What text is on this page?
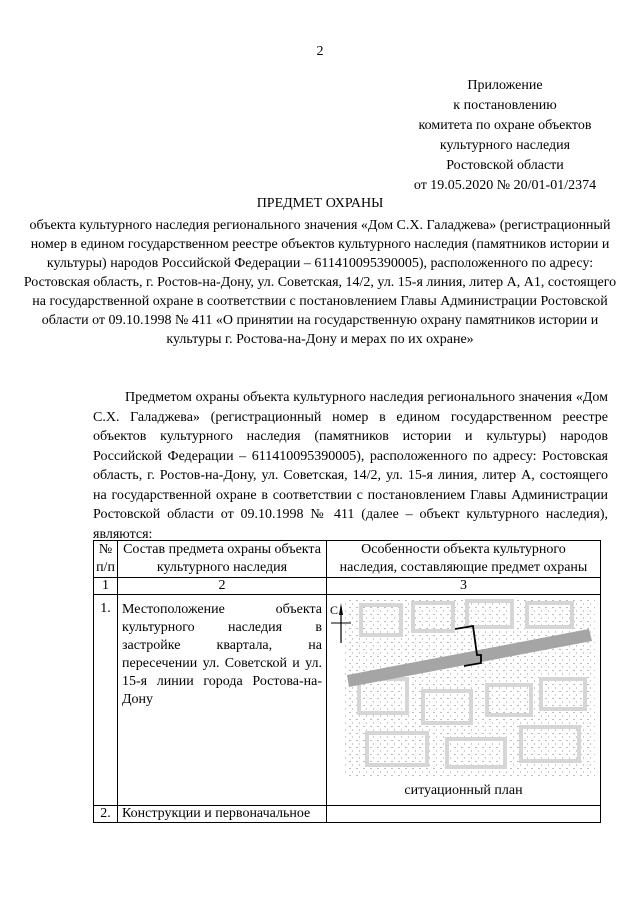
2
Приложение
к постановлению
комитета по охране объектов
культурного наследия
Ростовской области
от 19.05.2020 № 20/01-01/2374
ПРЕДМЕТ ОХРАНЫ
объекта культурного наследия регионального значения «Дом С.Х. Галаджева» (регистрационный номер в едином государственном реестре объектов культурного наследия (памятников истории и культуры) народов Российской Федерации – 611410095390005), расположенного по адресу: Ростовская область, г. Ростов-на-Дону, ул. Советская, 14/2, ул. 15-я линия, литер А, А1, состоящего на государственной охране в соответствии с постановлением Главы Администрации Ростовской области от 09.10.1998 № 411 «О принятии на государственную охрану памятников истории и культуры г. Ростова-на-Дону и мерах по их охране»

Предметом охраны объекта культурного наследия регионального значения «Дом С.Х. Галаджева» (регистрационный номер в едином государственном реестре объектов культурного наследия (памятников истории и культуры) народов Российской Федерации – 611410095390005), расположенного по адресу: Ростовская область, г. Ростов-на-Дону, ул. Советская, 14/2, ул. 15-я линия, литер А, состоящего на государственной охране в соответствии с постановлением Главы Администрации Ростовской области от 09.10.1998 № 411 (далее – объект культурного наследия), являются:

№ п/п	Состав предмета охраны объекта культурного наследия	Особенности объекта культурного наследия, составляющие предмет охраны
1	2	3
1.	Местоположение объекта культурного наследия в застройке квартала, на пересечении ул. Советской и ул. 15-я линии города Ростова-на-Дону	С
ситуационный план

2.	Конструкции и первоначальное	
